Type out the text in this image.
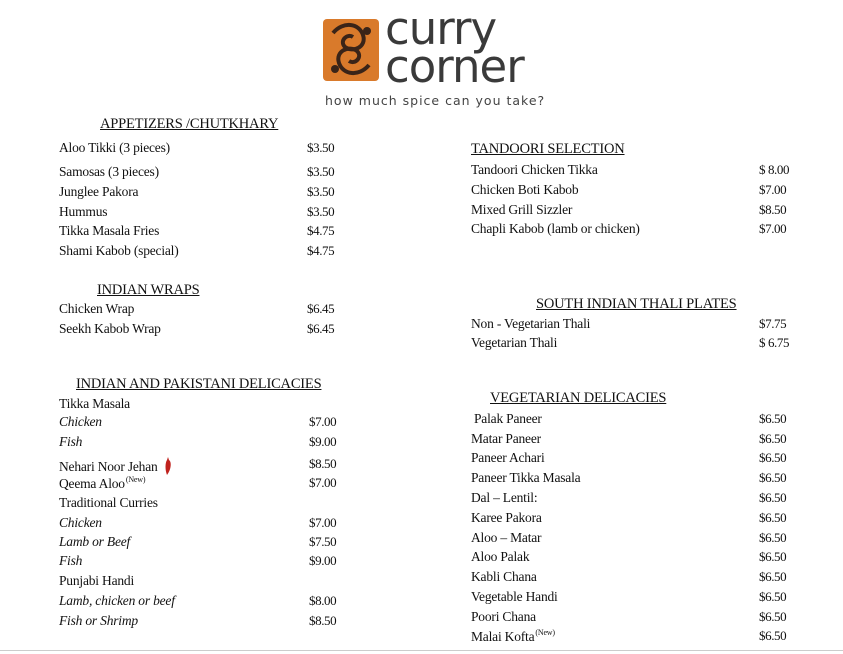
curry
corner
how much spice can you take?
APPETIZERS /CHUTKHARY
Aloo Tikki (3 pieces)	$3.50
Samosas (3 pieces)	$3.50
Junglee Pakora	$3.50
Hummus	$3.50
Tikka Masala Fries	$4.75
Shami Kabob (special)	$4.75
INDIAN WRAPS
Chicken Wrap	$6.45
Seekh Kabob Wrap	$6.45
INDIAN AND PAKISTANI DELICACIES
Tikka Masala
Chicken	$7.00
Fish	$9.00
Nehari Noor Jehan	$8.50
Qeema Aloo$^{(New)}$	$7.00
Traditional Curries
Chicken	$7.00
Lamb or Beef	$7.50
Fish	$9.00
Punjabi Handi
Lamb, chicken or beef	$8.00
Fish or Shrimp	$8.50
TANDOORI SELECTION
Tandoori Chicken Tikka	$ 8.00
Chicken Boti Kabob	$7.00
Mixed Grill Sizzler	$8.50
Chapli Kabob (lamb or chicken)	$7.00
SOUTH INDIAN THALI PLATES
Non - Vegetarian Thali	$7.75
Vegetarian Thali	$ 6.75
VEGETARIAN DELICACIES
Palak Paneer	$6.50
Matar Paneer	$6.50
Paneer Achari	$6.50
Paneer Tikka Masala	$6.50
Dal – Lentil:	$6.50
Karee Pakora	$6.50
Aloo – Matar	$6.50
Aloo Palak	$6.50
Kabli Chana	$6.50
Vegetable Handi	$6.50
Poori Chana	$6.50
Malai Kofta$^{(New)}$	$6.50
